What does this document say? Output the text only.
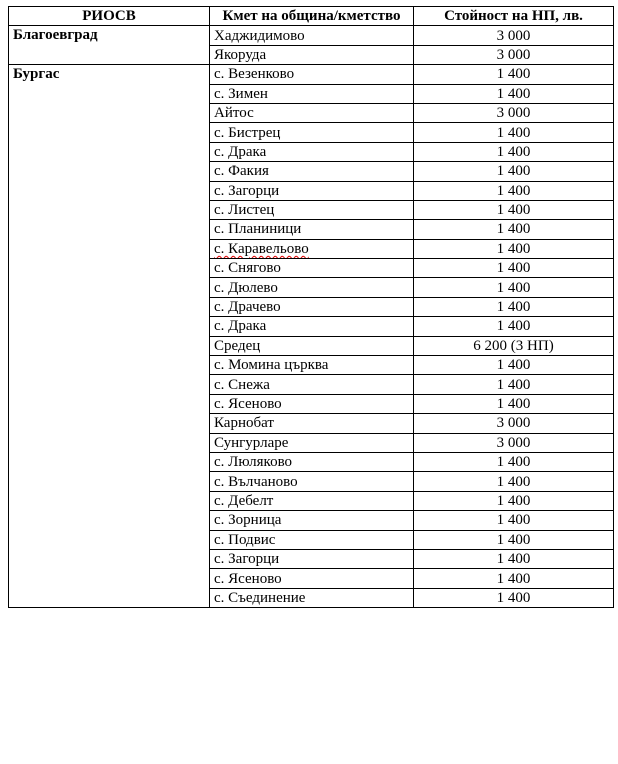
РИОСВ	Кмет на община/кметство	Стойност на НП, лв.
Благоевград	Хаджидимово	3 000
	Якоруда	3 000
Бургас	с. Везенково	1 400
	с. Зимен	1 400
	Айтос	3 000
	с. Бистрец	1 400
	с. Драка	1 400
	с. Факия	1 400
	с. Загорци	1 400
	с. Листец	1 400
	с. Планиници	1 400
	с. Каравельово	1 400
	с. Снягово	1 400
	с. Дюлево	1 400
	с. Драчево	1 400
	с. Драка	1 400
	Средец	6 200 (3 НП)
	с. Момина църква	1 400
	с. Снежа	1 400
	с. Ясеново	1 400
	Карнобат	3 000
	Сунгурларе	3 000
	с. Люляково	1 400
	с. Вълчаново	1 400
	с. Дебелт	1 400
	с. Зорница	1 400
	с. Подвис	1 400
	с. Загорци	1 400
	с. Ясеново	1 400
	с. Съединение	1 400
